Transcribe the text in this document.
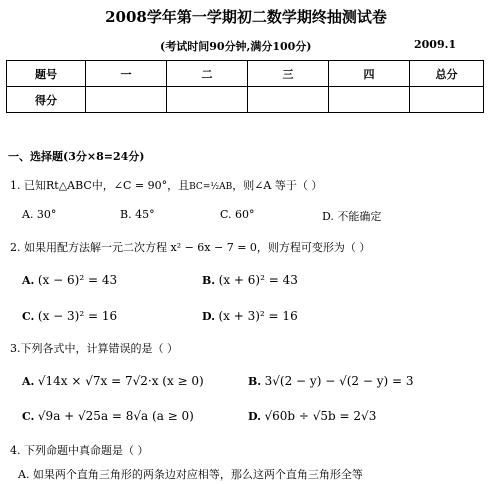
2008学年第一学期初二数学期终抽测试卷
(考试时间90分钟,满分100分)	2009.1
题号	一	二	三	四	总分
得分					
一、选择题(3分×8=24分)
1. 已知Rt△ABC中，∠C = 90°，且BC=½AB，则∠A 等于（ ）
A. 30°	B. 45°	C. 60°	D. 不能确定
2. 如果用配方法解一元二次方程 x² − 6x − 7 = 0，则方程可变形为（ ）
A. (x − 6)² = 43	B. (x + 6)² = 43
C. (x − 3)² = 16	D. (x + 3)² = 16
3.下列各式中，计算错误的是（ ）
A. √14x × √7x = 7√2·x (x ≥ 0)	B. 3√(2 − y) − √(2 − y) = 3
C. √9a + √25a = 8√a (a ≥ 0)	D. √60b ÷ √5b = 2√3
4. 下列命题中真命题是（ ）
A. 如果两个直角三角形的两条边对应相等，那么这两个直角三角形全等
